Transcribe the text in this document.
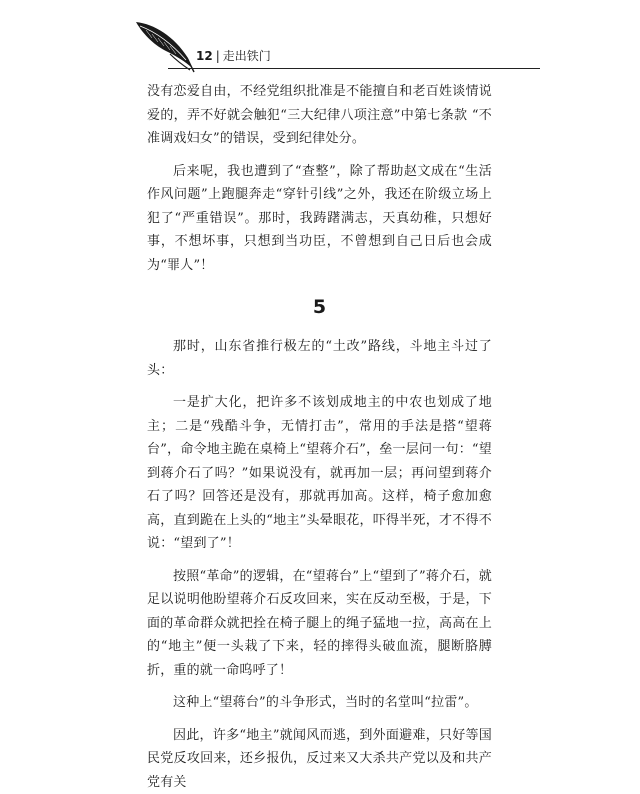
12 | 走出铁门

没有恋爱自由，不经党组织批准是不能擅自和老百姓谈情说爱的，弄不好就会触犯“三大纪律八项注意”中第七条款 “不准调戏妇女”的错误，受到纪律处分。

后来呢，我也遭到了“查整”，除了帮助赵文成在“生活作风问题”上跑腿奔走“穿针引线”之外，我还在阶级立场上犯了“严重错误”。那时，我踌躇满志，天真幼稚，只想好事，不想坏事，只想到当功臣，不曾想到自己日后也会成为“罪人”！

5

那时，山东省推行极左的“土改”路线，斗地主斗过了头：

一是扩大化，把许多不该划成地主的中农也划成了地主；二是“残酷斗争，无情打击”，常用的手法是搭“望蒋台”，命令地主跪在桌椅上“望蒋介石”，垒一层问一句：“望到蒋介石了吗？”如果说没有，就再加一层；再问望到蒋介石了吗？回答还是没有，那就再加高。这样，椅子愈加愈高，直到跪在上头的“地主”头晕眼花，吓得半死，才不得不说：“望到了”！

按照“革命”的逻辑，在“望蒋台”上“望到了”蒋介石，就足以说明他盼望蒋介石反攻回来，实在反动至极，于是，下面的革命群众就把拴在椅子腿上的绳子猛地一拉，高高在上的“地主”便一头栽了下来，轻的摔得头破血流，腿断胳膊折，重的就一命呜呼了！

这种上“望蒋台”的斗争形式，当时的名堂叫“拉雷”。

因此，许多“地主”就闻风而逃，到外面避难，只好等国民党反攻回来，还乡报仇，反过来又大杀共产党以及和共产党有关
